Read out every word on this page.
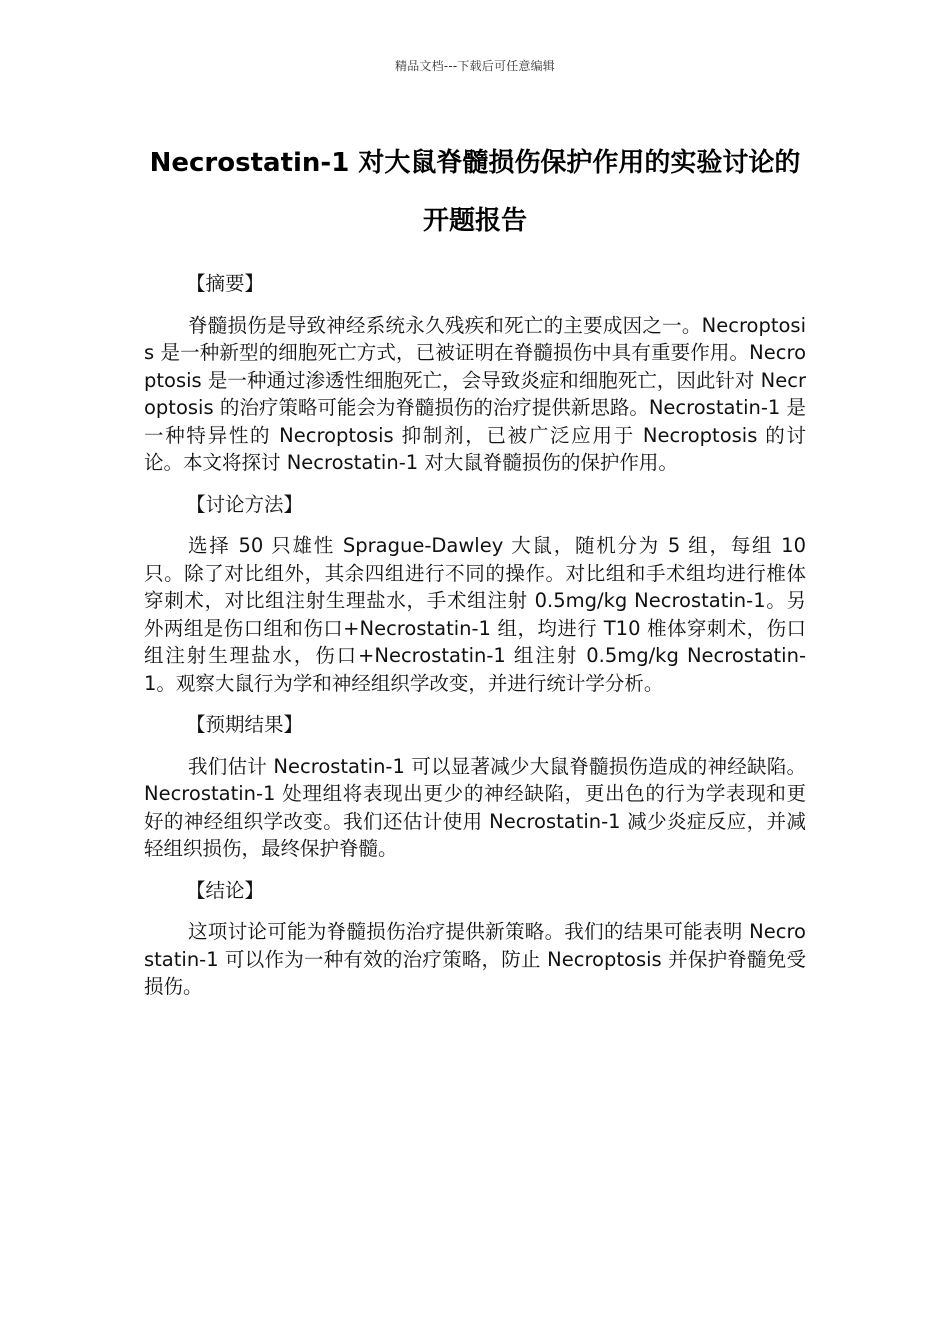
精品文档---下载后可任意编辑
Necrostatin-1 对大鼠脊髓损伤保护作用的实验讨论的开题报告

【摘要】

脊髓损伤是导致神经系统永久残疾和死亡的主要成因之一。Necroptosis 是一种新型的细胞死亡方式，已被证明在脊髓损伤中具有重要作用。Necroptosis 是一种通过渗透性细胞死亡，会导致炎症和细胞死亡，因此针对 Necroptosis 的治疗策略可能会为脊髓损伤的治疗提供新思路。Necrostatin-1 是一种特异性的 Necroptosis 抑制剂，已被广泛应用于 Necroptosis 的讨论。本文将探讨 Necrostatin-1 对大鼠脊髓损伤的保护作用。

【讨论方法】

选择 50 只雄性 Sprague-Dawley 大鼠，随机分为 5 组，每组 10 只。除了对比组外，其余四组进行不同的操作。对比组和手术组均进行椎体穿刺术，对比组注射生理盐水，手术组注射 0.5mg/kg Necrostatin-1。另外两组是伤口组和伤口+Necrostatin-1 组，均进行 T10 椎体穿刺术，伤口组注射生理盐水，伤口+Necrostatin-1 组注射 0.5mg/kg Necrostatin-1。观察大鼠行为学和神经组织学改变，并进行统计学分析。

【预期结果】

我们估计 Necrostatin-1 可以显著减少大鼠脊髓损伤造成的神经缺陷。Necrostatin-1 处理组将表现出更少的神经缺陷，更出色的行为学表现和更好的神经组织学改变。我们还估计使用 Necrostatin-1 减少炎症反应，并减轻组织损伤，最终保护脊髓。

【结论】

这项讨论可能为脊髓损伤治疗提供新策略。我们的结果可能表明 Necrostatin-1 可以作为一种有效的治疗策略，防止 Necroptosis 并保护脊髓免受损伤。
